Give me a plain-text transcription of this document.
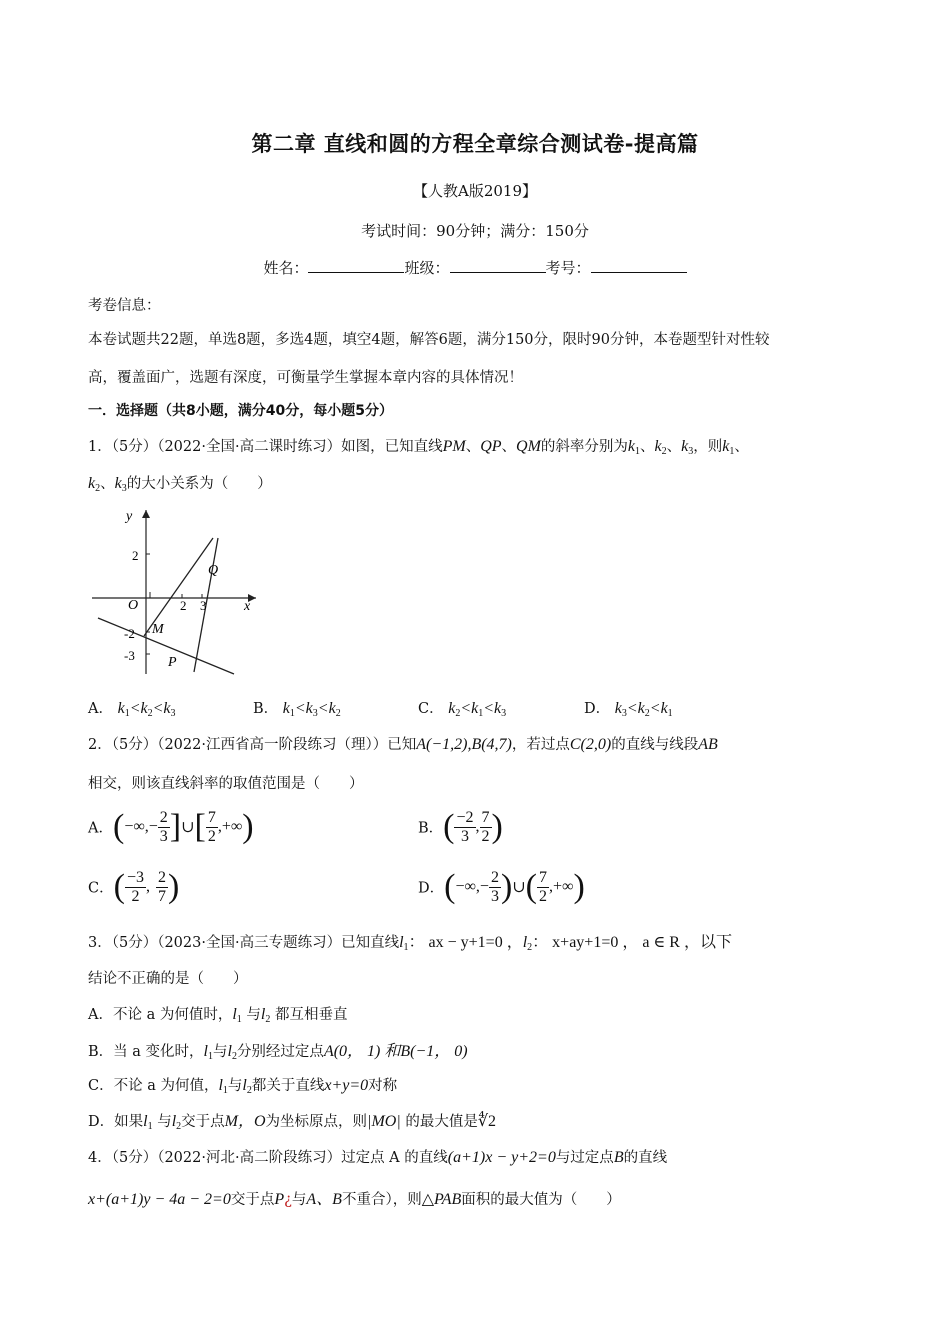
第二章 直线和圆的方程全章综合测试卷-提高篇
【人教A版2019】
考试时间：90分钟；满分：150分
姓名：	班级：	考号：
考卷信息：
本卷试题共22题，单选8题，多选4题，填空4题，解答6题，满分150分，限时90分钟，本卷题型针对性较
高，覆盖面广，选题有深度，可衡量学生掌握本章内容的具体情况！
一．选择题（共8小题，满分40分，每小题5分）
1．（5分）（2022·全国·高二课时练习）如图，已知直线PM、QP、QM的斜率分别为$k_1$、$k_2$、$k_3$，则$k_1$、
$k_2$、$k_3$的大小关系为（　　）
y
x
O
2
-2
-3
2 3
Q
M
P
A． $k_1<k_2<k_3$	B． $k_1<k_3<k_2$	C． $k_2<k_1<k_3$	D． $k_3<k_2<k_1$
2．（5分）（2022·江西省高一阶段练习（理））已知A(−1,2),B(4,7)，若过点C(2,0)的直线与线段AB
相交，则该直线斜率的取值范围是（　　）
A．(−∞,− $\frac{2}{3}$ ]∪[ $\frac{7}{2}$ ,+∞)	B．( $\frac{-2}{3}$ , $\frac{7}{2}$ )
C．( $\frac{-3}{2}$ , $\frac{2}{7}$ )	D．(−∞,− $\frac{2}{3}$ )∪( $\frac{7}{2}$ ,+∞)
3．（5分）（2023·全国·高三专题练习）已知直线$l_1$： ax − y+1=0 ，$l_2$： x+ay+1=0 ， a ∈ R ，以下
结论不正确的是（　　）
A．不论 a 为何值时，$l_1$ 与$l_2$ 都互相垂直
B．当 a 变化时，$l_1$与$l_2$分别经过定点A(0， 1) 和B(−1， 0)
C．不论 a 为何值，$l_1$与$l_2$都关于直线x+y=0对称
D．如果$l_1$ 与$l_2$交于点M，O为坐标原点，则|MO| 的最大值是∜2
4．（5分）（2022·河北·高二阶段练习）过定点 A 的直线(a+1)x − y+2=0与过定点B的直线
x+(a+1)y − 4a − 2=0交于点P¿与A、B不重合），则△PAB面积的最大值为（　　）
